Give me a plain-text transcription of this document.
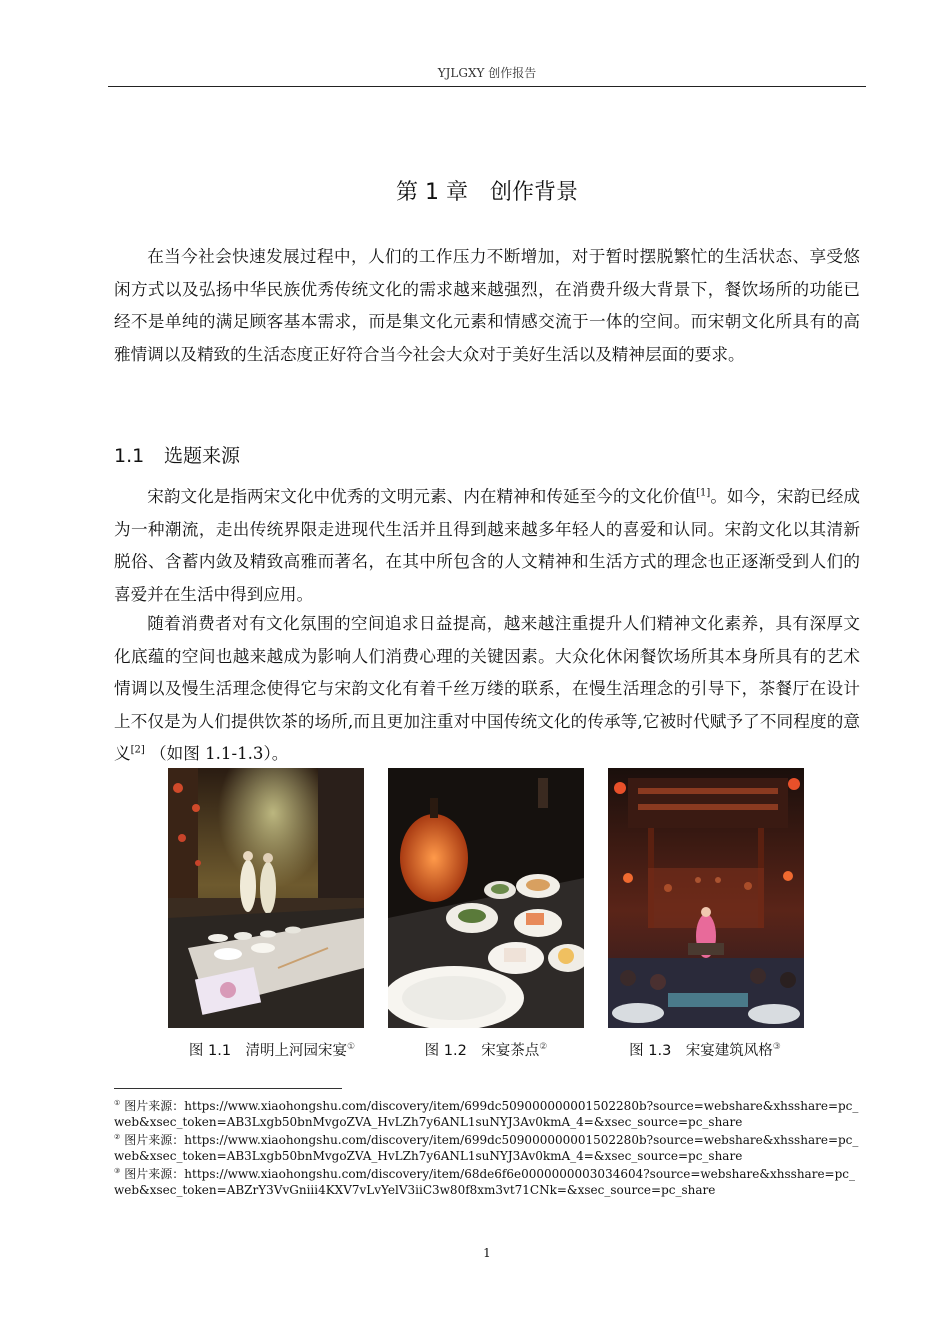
YJLGXY 创作报告
第 1 章　创作背景

在当今社会快速发展过程中，人们的工作压力不断增加，对于暂时摆脱繁忙的生活状态、享受悠闲方式以及弘扬中华民族优秀传统文化的需求越来越强烈，在消费升级大背景下，餐饮场所的功能已经不是单纯的满足顾客基本需求，而是集文化元素和情感交流于一体的空间。而宋朝文化所具有的高雅情调以及精致的生活态度正好符合当今社会大众对于美好生活以及精神层面的要求。

1.1 选题来源

宋韵文化是指两宋文化中优秀的文明元素、内在精神和传延至今的文化价值[1]。如今，宋韵已经成为一种潮流，走出传统界限走进现代生活并且得到越来越多年轻人的喜爱和认同。宋韵文化以其清新脱俗、含蓄内敛及精致高雅而著名，在其中所包含的人文精神和生活方式的理念也正逐渐受到人们的喜爱并在生活中得到应用。

随着消费者对有文化氛围的空间追求日益提高，越来越注重提升人们精神文化素养，具有深厚文化底蕴的空间也越来越成为影响人们消费心理的关键因素。大众化休闲餐饮场所其本身所具有的艺术情调以及慢生活理念使得它与宋韵文化有着千丝万缕的联系，在慢生活理念的引导下，茶餐厅在设计上不仅是为人们提供饮茶的场所,而且更加注重对中国传统文化的传承等,它被时代赋予了不同程度的意义[2] （如图 1.1-1.3）。

图 1.1　清明上河园宋宴①	图 1.2　宋宴茶点②	图 1.3　宋宴建筑风格③

① 图片来源：https://www.xiaohongshu.com/discovery/item/699dc509000000001502280b?source=webshare&xhsshare=pc_web&xsec_token=AB3Lxgb50bnMvgoZVA_HvLZh7y6ANL1suNYJ3Av0kmA_4=&xsec_source=pc_share

② 图片来源：https://www.xiaohongshu.com/discovery/item/699dc509000000001502280b?source=webshare&xhsshare=pc_web&xsec_token=AB3Lxgb50bnMvgoZVA_HvLZh7y6ANL1suNYJ3Av0kmA_4=&xsec_source=pc_share

③ 图片来源：https://www.xiaohongshu.com/discovery/item/68de6f6e0000000003034604?source=webshare&xhsshare=pc_web&xsec_token=ABZrY3VvGniii4KXV7vLvYelV3iiC3w80f8xm3vt71CNk=&xsec_source=pc_share

1
